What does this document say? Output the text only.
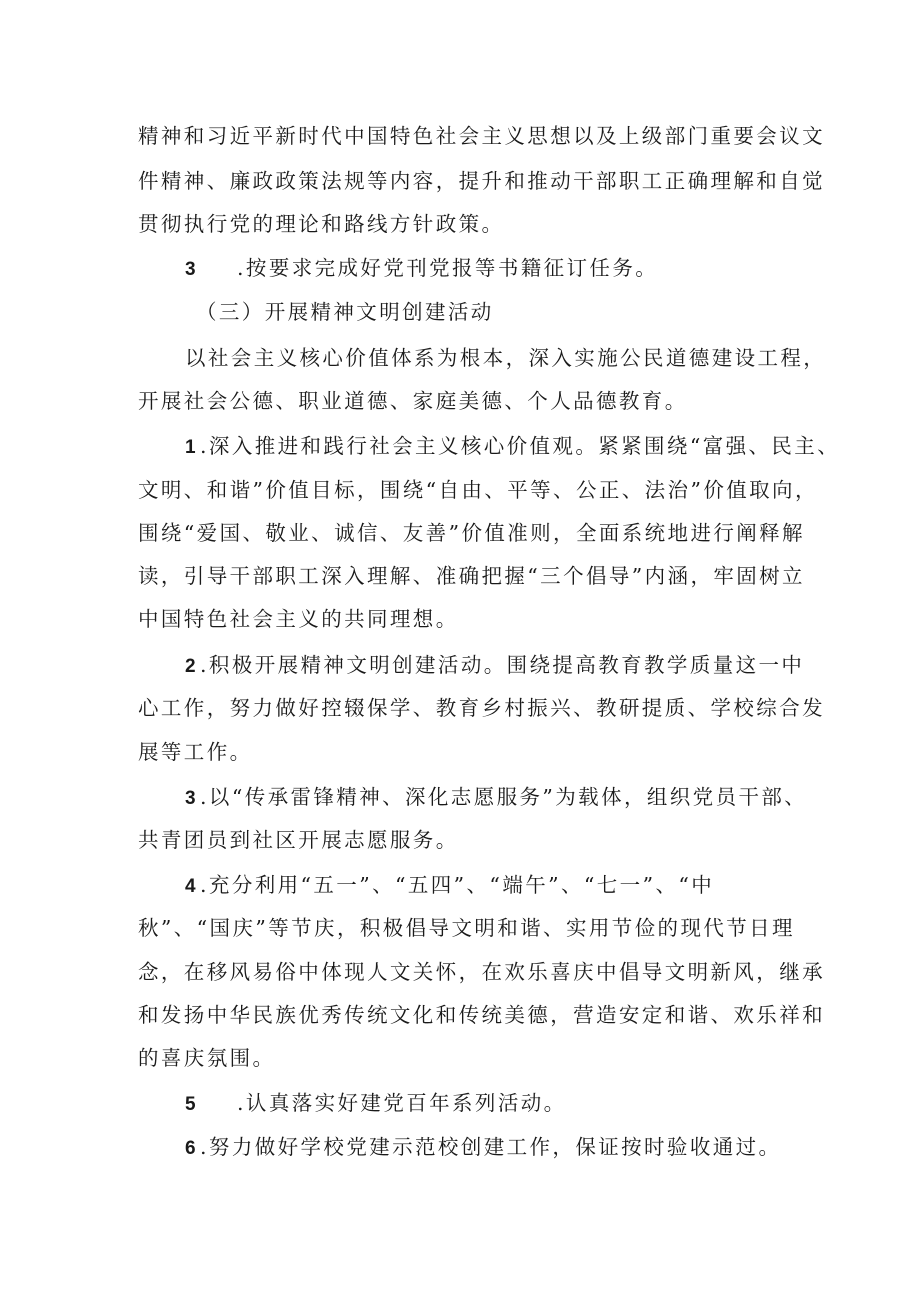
精神和习近平新时代中国特色社会主义思想以及上级部门重要会议文
件精神、廉政政策法规等内容，提升和推动干部职工正确理解和自觉
贯彻执行党的理论和路线方针政策。
3 .按要求完成好党刊党报等书籍征订任务。
（三）开展精神文明创建活动
以社会主义核心价值体系为根本，深入实施公民道德建设工程，
开展社会公德、职业道德、家庭美德、个人品德教育。
1 .深入推进和践行社会主义核心价值观。紧紧围绕“富强、民主、
文明、和谐”价值目标，围绕“自由、平等、公正、法治”价值取向，
围绕“爱国、敬业、诚信、友善”价值准则，全面系统地进行阐释解
读，引导干部职工深入理解、准确把握“三个倡导”内涵，牢固树立
中国特色社会主义的共同理想。
2 .积极开展精神文明创建活动。围绕提高教育教学质量这一中
心工作，努力做好控辍保学、教育乡村振兴、教研提质、学校综合发
展等工作。
3 .以“传承雷锋精神、深化志愿服务”为载体，组织党员干部、
共青团员到社区开展志愿服务。
4 .充分利用“五一”、“五四”、“端午”、“七一”、“中
秋”、“国庆”等节庆，积极倡导文明和谐、实用节俭的现代节日理
念，在移风易俗中体现人文关怀，在欢乐喜庆中倡导文明新风，继承
和发扬中华民族优秀传统文化和传统美德，营造安定和谐、欢乐祥和
的喜庆氛围。
5 .认真落实好建党百年系列活动。
6 .努力做好学校党建示范校创建工作，保证按时验收通过。
